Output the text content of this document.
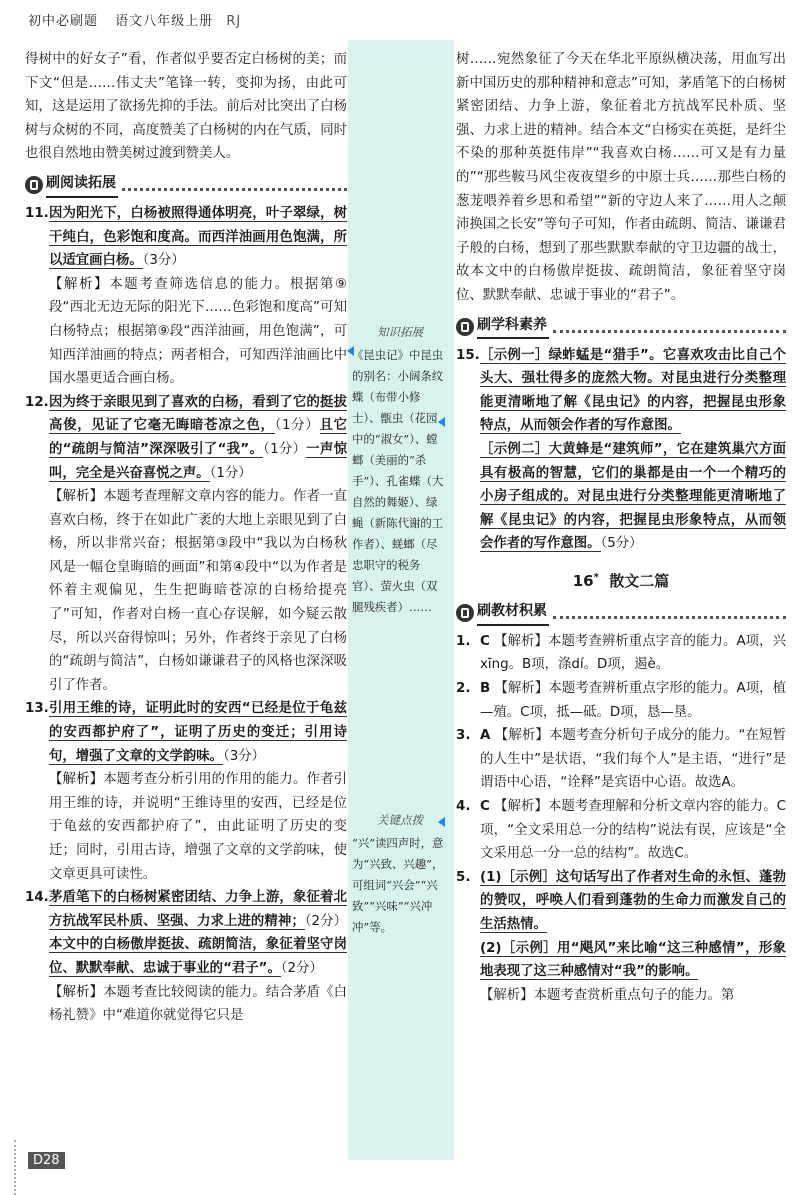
初中必刷题 语文八年级上册 RJ
知识拓展
《昆虫记》中昆虫的别名：小阔条纹蝶（布带小修士）、甑虫（花园中的“淑女”）、螳螂（美丽的“杀手”）、孔雀蝶（大自然的舞姬）、绿蝇（新陈代谢的工作者）、蜣螂（尽忠职守的税务官）、萤火虫（双腿残疾者）……
关键点拨
“兴”读四声时，意为“兴致、兴趣”，可组词“兴会”“兴致”“兴味”“兴冲冲”等。

得树中的好女子”看，作者似乎要否定白杨树的美；而下文“但是……伟丈夫”笔锋一转，变抑为扬，由此可知，这是运用了欲扬先抑的手法。前后对比突出了白杨树与众树的不同，高度赞美了白杨树的内在气质，同时也很自然地由赞美树过渡到赞美人。

刷阅读拓展
11. 因为阳光下，白杨被照得通体明亮，叶子翠绿，树干纯白，色彩饱和度高。而西洋油画用色饱满，所以适宜画白杨。（3分）
【解析】本题考查筛选信息的能力。根据第⑨段“西北无边无际的阳光下……色彩饱和度高”可知白杨特点；根据第⑨段“西洋油画，用色饱满”，可知西洋油画的特点；两者相合，可知西洋油画比中国水墨更适合画白杨。
12. 因为终于亲眼见到了喜欢的白杨，看到了它的挺拔高俊，见证了它毫无晦暗苍凉之色，（1分）且它的“疏朗与简洁”深深吸引了“我”。（1分）一声惊叫，完全是兴奋喜悦之声。（1分）
【解析】本题考查理解文章内容的能力。作者一直喜欢白杨，终于在如此广袤的大地上亲眼见到了白杨，所以非常兴奋；根据第③段中“我以为白杨秋风是一幅仓皇晦暗的画面”和第④段中“以为作者是怀着主观偏见，生生把晦暗苍凉的白杨给提亮了”可知，作者对白杨一直心存误解，如今疑云散尽，所以兴奋得惊叫；另外，作者终于亲见了白杨的“疏朗与简洁”，白杨如谦谦君子的风格也深深吸引了作者。
13. 引用王维的诗，证明此时的安西“已经是位于龟兹的安西都护府了”，证明了历史的变迁；引用诗句，增强了文章的文学韵味。（3分）
【解析】本题考查分析引用的作用的能力。作者引用王维的诗，并说明“王维诗里的安西，已经是位于龟兹的安西都护府了”，由此证明了历史的变迁；同时，引用古诗，增强了文章的文学韵味，使文章更具可读性。
14. 茅盾笔下的白杨树紧密团结、力争上游，象征着北方抗战军民朴质、坚强、力求上进的精神；（2分）本文中的白杨傲岸挺拔、疏朗简洁，象征着坚守岗位、默默奉献、忠诚于事业的“君子”。（2分）
【解析】本题考查比较阅读的能力。结合茅盾《白杨礼赞》中“难道你就觉得它只是

树……宛然象征了今天在华北平原纵横决荡，用血写出新中国历史的那种精神和意志”可知，茅盾笔下的白杨树紧密团结、力争上游，象征着北方抗战军民朴质、坚强、力求上进的精神。结合本文“白杨实在英挺，是纤尘不染的那种英挺伟岸”“我喜欢白杨……可又是有力量的”“那些鞍马风尘夜夜望乡的中原士兵……那些白杨的葱茏喂养着乡思和希望”“新的守边人来了……用人之颠沛换国之长安”等句子可知，作者由疏朗、简洁、谦谦君子般的白杨，想到了那些默默奉献的守卫边疆的战士，故本文中的白杨傲岸挺拔、疏朗简洁，象征着坚守岗位、默默奉献、忠诚于事业的“君子”。

刷学科素养
15. ［示例一］绿蚱蜢是“猎手”。它喜欢攻击比自己个头大、强壮得多的庞然大物。对昆虫进行分类整理能更清晰地了解《昆虫记》的内容，把握昆虫形象特点，从而领会作者的写作意图。
［示例二］大黄蜂是“建筑师”，它在建筑巢穴方面具有极高的智慧，它们的巢都是由一个一个精巧的小房子组成的。对昆虫进行分类整理能更清晰地了解《昆虫记》的内容，把握昆虫形象特点，从而领会作者的写作意图。（5分）
16* 散文二篇
刷教材积累
1. C 【解析】本题考查辨析重点字音的能力。A项，兴xīng。B项，涤dí。D项，遏è。
2. B 【解析】本题考查辨析重点字形的能力。A项，植—殖。C项，抵—砥。D项，恳—垦。
3. A 【解析】本题考查分析句子成分的能力。“在短暂的人生中”是状语，“我们每个人”是主语，“进行”是谓语中心语，“诠释”是宾语中心语。故选A。
4. C 【解析】本题考查理解和分析文章内容的能力。C项，“全文采用总一分的结构”说法有误，应该是“全文采用总一分一总的结构”。故选C。
5. (1)［示例］这句话写出了作者对生命的永恒、蓬勃的赞叹，呼唤人们看到蓬勃的生命力而激发自己的生活热情。
(2)［示例］用“飓风”来比喻“这三种感情”，形象地表现了这三种感情对“我”的影响。
【解析】本题考查赏析重点句子的能力。第
D28
